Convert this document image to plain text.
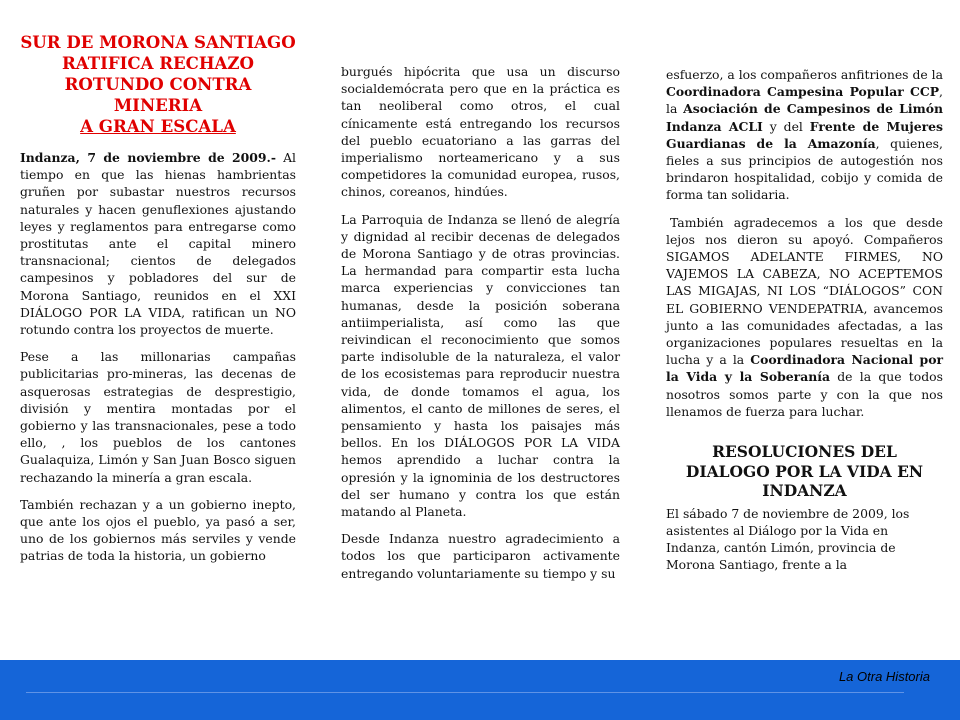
SUR DE MORONA SANTIAGO
RATIFICA RECHAZO
ROTUNDO CONTRA MINERIA
A GRAN ESCALA

Indanza, 7 de noviembre de 2009.- Al tiempo en que las hienas hambrientas gruñen por subastar nuestros recursos naturales y hacen genuflexiones ajustando leyes y reglamentos para entregarse como prostitutas ante el capital minero transnacional; cientos de delegados campesinos y pobladores del sur de Morona Santiago, reunidos en el XXI DIÁLOGO POR LA VIDA, ratifican un NO rotundo contra los proyectos de muerte.

Pese a las millonarias campañas publicitarias pro-mineras, las decenas de asquerosas estrategias de desprestigio, división y mentira montadas por el gobierno y las transnacionales, pese a todo ello, , los pueblos de los cantones Gualaquiza, Limón y San Juan Bosco siguen rechazando la minería a gran escala.

También rechazan y a un gobierno inepto, que ante los ojos el pueblo, ya pasó a ser, uno de los gobiernos más serviles y vende patrias de toda la historia, un gobierno

burgués hipócrita que usa un discurso socialdemócrata pero que en la práctica es tan neoliberal como otros, el cual cínicamente está entregando los recursos del pueblo ecuatoriano a las garras del imperialismo norteamericano y a sus competidores la comunidad europea, rusos, chinos, coreanos, hindúes.

La Parroquia de Indanza se llenó de alegría y dignidad al recibir decenas de delegados de Morona Santiago y de otras provincias. La hermandad para compartir esta lucha marca experiencias y convicciones tan humanas, desde la posición soberana antiimperialista, así como las que reivindican el reconocimiento que somos parte indisoluble de la naturaleza, el valor de los ecosistemas para reproducir nuestra vida, de donde tomamos el agua, los alimentos, el canto de millones de seres, el pensamiento y hasta los paisajes más bellos. En los DIÁLOGOS POR LA VIDA hemos aprendido a luchar contra la opresión y la ignominia de los destructores del ser humano y contra los que están matando al Planeta.

Desde Indanza nuestro agradecimiento a todos los que participaron activamente entregando voluntariamente su tiempo y su

esfuerzo, a los compañeros anfitriones de la Coordinadora Campesina Popular CCP, la Asociación de Campesinos de Limón Indanza ACLI y del Frente de Mujeres Guardianas de la Amazonía, quienes, fieles a sus principios de autogestión nos brindaron hospitalidad, cobijo y comida de forma tan solidaria.

También agradecemos a los que desde lejos nos dieron su apoyó. Compañeros SIGAMOS ADELANTE FIRMES, NO VAJEMOS LA CABEZA, NO ACEPTEMOS LAS MIGAJAS, NI LOS “DIÁLOGOS” CON EL GOBIERNO VENDEPATRIA, avancemos junto a las comunidades afectadas, a las organizaciones populares resueltas en la lucha y a la Coordinadora Nacional por la Vida y la Soberanía de la que todos nosotros somos parte y con la que nos llenamos de fuerza para luchar.

RESOLUCIONES DEL
DIALOGO POR LA VIDA EN
INDANZA

El sábado 7 de noviembre de 2009, los asistentes al Diálogo por la Vida en Indanza, cantón Limón, provincia de Morona Santiago, frente a la

La Otra Historia
